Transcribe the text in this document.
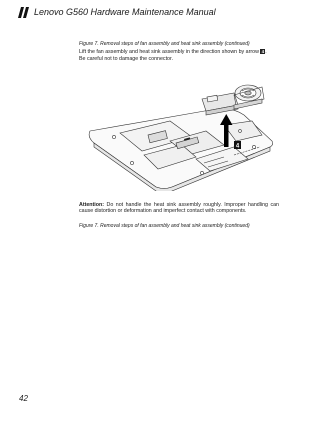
Lenovo G560 Hardware Maintenance Manual
Figure 7. Removal steps of fan assembly and heat sink assembly (continued)
Lift the fan assembly and heat sink assembly in the direction shown by arrow 4.
Be careful not to damage the connector.
4
Attention: Do not handle the heat sink assembly roughly. Improper handling can cause distortion or deformation and imperfect contact with components.
Figure 7. Removal steps of fan assembly and heat sink assembly (continued)
42
